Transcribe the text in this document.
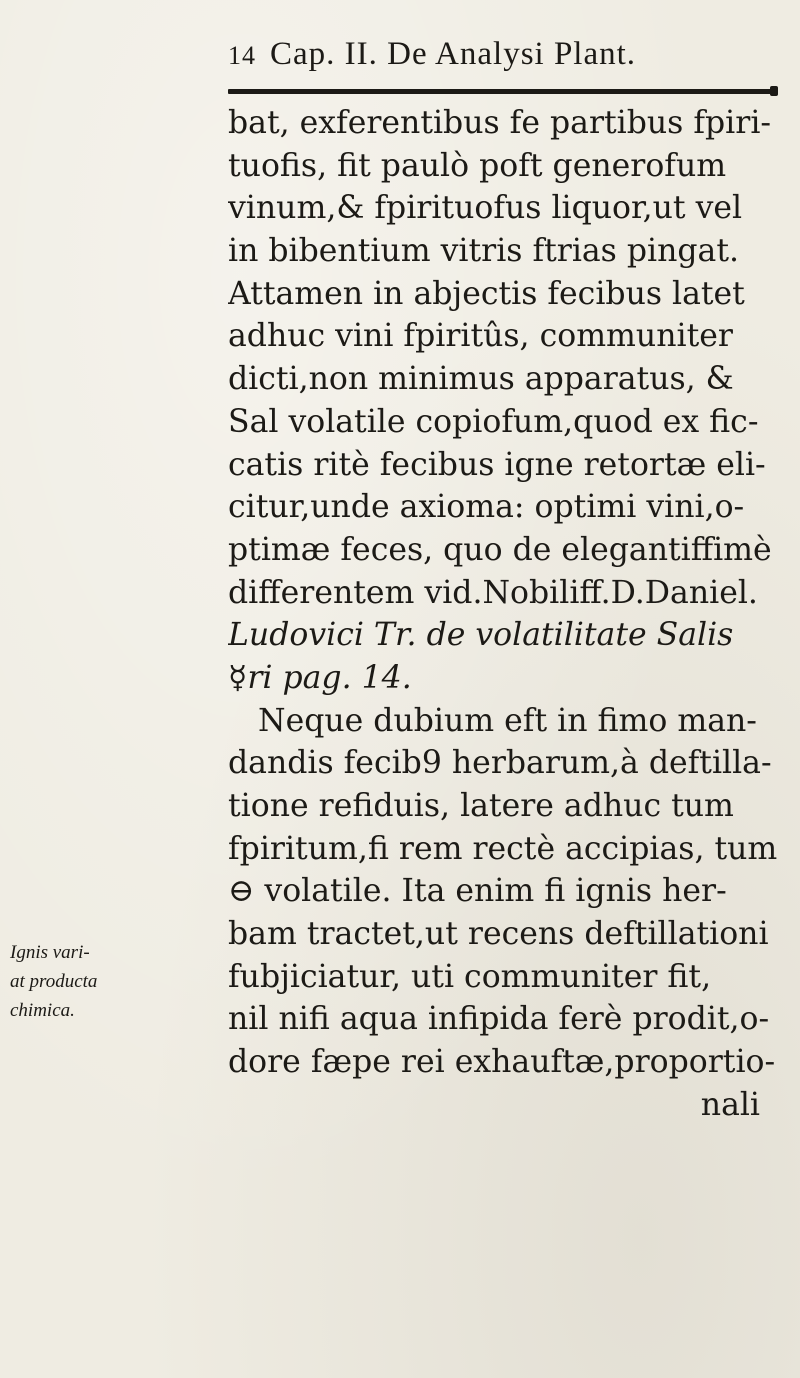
14 Cap. II. De Analysi Plant.
bat, exferentibus fe partibus fpiri-
tuofis, fit paulò poft generofum
vinum,& fpirituofus liquor,ut vel
in bibentium vitris ftrias pingat.
Attamen in abjectis fecibus latet
adhuc vini fpiritûs, communiter
dicti,non minimus apparatus, &
Sal volatile copiofum,quod ex fic-
catis ritè fecibus igne retortæ eli-
citur,unde axioma: optimi vini,o-
ptimæ feces, quo de elegantiffimè
differentem vid.Nobiliff.D.Daniel.
Ludovici Tr. de volatilitate Salis
☿ri pag. 14.
Neque dubium eft in fimo man-
dandis fecib9 herbarum,à deftilla-
tione refiduis, latere adhuc tum
fpiritum,fi rem rectè accipias, tum
⊖ volatile. Ita enim fi ignis her-
bam tractet,ut recens deftillationi
fubjiciatur, uti communiter fit,
nil nifi aqua infipida ferè prodit,o-
dore fæpe rei exhauftæ,proportio-
nali
Ignis vari-
at producta
chimica.
